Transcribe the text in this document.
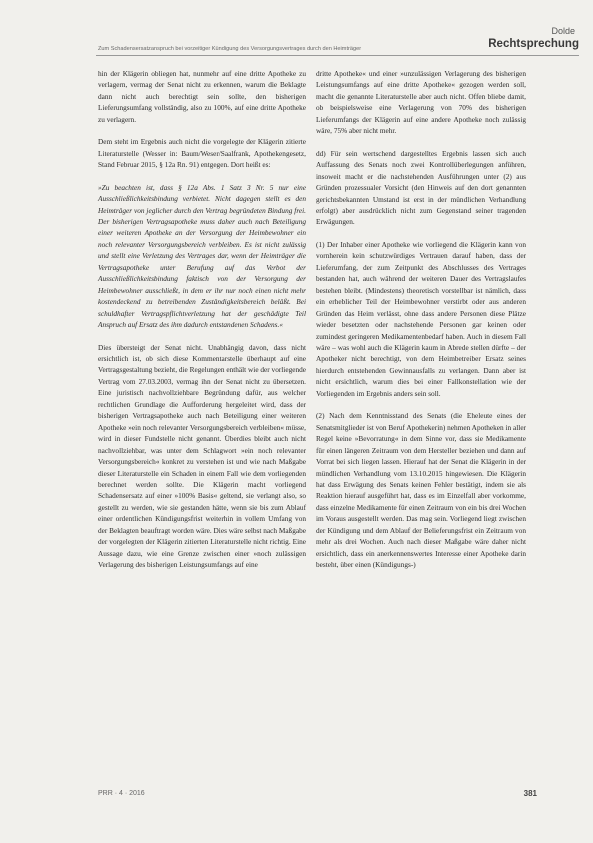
Dolde
Zum Schadensersatzanspruch bei vorzeitiger Kündigung des Versorgungsvertrages durch den Heimträger	Rechtsprechung

hin der Klägerin obliegen hat, nunmehr auf eine dritte Apotheke zu verlagern, vermag der Senat nicht zu erkennen, warum die Beklagte dann nicht auch berechtigt sein sollte, den bisherigen Lieferungsumfang vollständig, also zu 100%, auf eine dritte Apotheke zu verlagern.

Dem steht im Ergebnis auch nicht die vorgelegte der Klägerin zitierte Literaturstelle (Wesser in: Baum/Weser/Saalfrank, Apothekengesetz, Stand Februar 2015, § 12a Rn. 91) entgegen. Dort heißt es:

»Zu beachten ist, dass § 12a Abs. 1 Satz 3 Nr. 5 nur eine Ausschließlichkeitsbindung verbietet. Nicht dagegen stellt es den Heimträger von jeglicher durch den Vertrag begründeten Bindung frei. Der bisherigen Vertragsapotheke muss daher auch nach Beteiligung einer weiteren Apotheke an der Versorgung der Heimbewohner ein noch relevanter Versorgungsbereich verbleiben. Es ist nicht zulässig und stellt eine Verletzung des Vertrages dar, wenn der Heimträger die Vertragsapotheke unter Berufung auf das Verbot der Ausschließlichkeitsbindung faktisch von der Versorgung der Heimbewohner ausschließt, in dem er ihr nur noch einen nicht mehr kostendeckend zu betreibenden Zuständigkeitsbereich beläßt. Bei schuldhafter Vertragspflichtverletzung hat der geschädigte Teil Anspruch auf Ersatz des ihm dadurch entstandenen Schadens.«

Dies übersteigt der Senat nicht. Unabhängig davon, dass nicht ersichtlich ist, ob sich diese Kommentarstelle überhaupt auf eine Vertragsgestaltung bezieht, die Regelungen enthält wie der vorliegende Vertrag vom 27.03.2003, vermag ihn der Senat nicht zu übersetzen. Eine juristisch nachvollziehbare Begründung dafür, aus welcher rechtlichen Grundlage die Aufforderung hergeleitet wird, dass der bisherigen Vertragsapotheke auch nach Beteiligung einer weiteren Apotheke »ein noch relevanter Versorgungsbereich verbleiben« müsse, wird in dieser Fundstelle nicht genannt. Überdies bleibt auch nicht nachvollziehbar, was unter dem Schlagwort »ein noch relevanter Versorgungsbereich« konkret zu verstehen ist und wie nach Maßgabe dieser Literaturstelle ein Schaden in einem Fall wie dem vorliegenden berechnet werden sollte. Die Klägerin macht vorliegend Schadensersatz auf einer »100% Basis« geltend, sie verlangt also, so gestellt zu werden, wie sie gestanden hätte, wenn sie bis zum Ablauf einer ordentlichen Kündigungsfrist weiterhin in vollem Umfang von der Beklagten beauftragt worden wäre. Dies wäre selbst nach Maßgabe der vorgelegten der Klägerin zitierten Literaturstelle nicht richtig. Eine Aussage dazu, wie eine Grenze zwischen einer »noch zulässigen Verlagerung des bisherigen Leistungsumfangs auf eine

dritte Apotheke« und einer »unzulässigen Verlagerung des bisherigen Leistungsumfangs auf eine dritte Apotheke« gezogen werden soll, macht die genannte Literaturstelle aber auch nicht. Offen bliebe damit, ob beispielsweise eine Verlagerung von 70% des bisherigen Lieferumfangs der Klägerin auf eine andere Apotheke noch zulässig wäre, 75% aber nicht mehr.

dd) Für sein wertschend dargestelltes Ergebnis lassen sich auch Auffassung des Senats noch zwei Kontrollüberlegungen anführen, insoweit macht er die nachstehenden Ausführungen unter (2) aus Gründen prozessualer Vorsicht (den Hinweis auf den dort genannten gerichtsbekannten Umstand ist erst in der mündlichen Verhandlung erfolgt) aber ausdrücklich nicht zum Gegenstand seiner tragenden Erwägungen.

(1) Der Inhaber einer Apotheke wie vorliegend die Klägerin kann von vornherein kein schutzwürdiges Vertrauen darauf haben, dass der Lieferumfang, der zum Zeitpunkt des Abschlusses des Vertrages bestanden hat, auch während der weiteren Dauer des Vertragslaufes bestehen bleibt. (Mindestens) theoretisch vorstellbar ist nämlich, dass ein erheblicher Teil der Heimbewohner verstirbt oder aus anderen Gründen das Heim verlässt, ohne dass andere Personen diese Plätze wieder besetzten oder nachstehende Personen gar keinen oder zumindest geringeren Medikamentenbedarf haben. Auch in diesem Fall wäre – was wohl auch die Klägerin kaum in Abrede stellen dürfte – der Apotheker nicht berechtigt, von dem Heimbetreiber Ersatz seines hierdurch entstehenden Gewinnausfalls zu verlangen. Dann aber ist nicht ersichtlich, warum dies bei einer Fallkonstellation wie der Vorliegenden im Ergebnis anders sein soll.

(2) Nach dem Kenntnisstand des Senats (die Eheleute eines der Senatsmitglieder ist von Beruf Apothekerin) nehmen Apotheken in aller Regel keine »Bevorratung« in dem Sinne vor, dass sie Medikamente für einen längeren Zeitraum von dem Hersteller beziehen und dann auf Vorrat bei sich liegen lassen. Hierauf hat der Senat die Klägerin in der mündlichen Verhandlung vom 13.10.2015 hingewiesen. Die Klägerin hat dass Erwägung des Senats keinen Fehler bestätigt, indem sie als Reaktion hierauf ausgeführt hat, dass es im Einzelfall aber vorkomme, dass einzelne Medikamente für einen Zeitraum von ein bis drei Wochen im Voraus ausgestellt werden. Das mag sein. Vorliegend liegt zwischen der Kündigung und dem Ablauf der Belieferungsfrist ein Zeitraum von mehr als drei Wochen. Auch nach dieser Maßgabe wäre daher nicht ersichtlich, dass ein anerkennenswertes Interesse einer Apotheke darin besteht, über einen (Kündigungs-)

PRR · 4 · 2016	381
